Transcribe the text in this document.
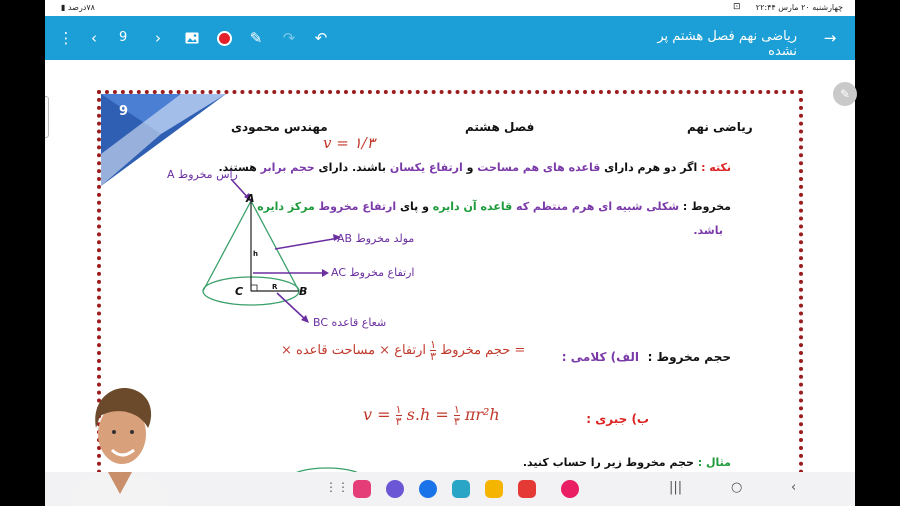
چهارشنبه ۲۰ مارس ۲۲:۴۴
⊡
۷۸درصد ▮
⋮	‹	9	›	✎	↷	↶	ریاضی نهم فصل هشتم پر نشده
→
9
ریاضی نهم
فصل هشتم
مهندس محمودی
v = ۱/۳
نکته : اگر دو هرم دارای قاعده های هم مساحت و ارتفاع یکسان باشند. دارای حجم برابر هستند.
مخروط : شکلی شبیه ای هرم منتظم که قاعده آن دایره و پای ارتفاع مخروط مرکز دایره
باشد.
A
C	B
h
R
راس مخروط A
مولد مخروط AB
ارتفاع مخروط AC
شعاع قاعده BC
حجم مخروط :
الف) کلامی :
= حجم مخروط
$\frac{۱}{۳}$
ارتفاع × مساحت قاعده ×
ب) جبری :
$v = \frac{۱}{۳} s.h = \frac{۱}{۳} \pi r^2h$
مثال : حجم مخروط زیر را حساب کنید.
⋮⋮	|||	○	‹
✎
